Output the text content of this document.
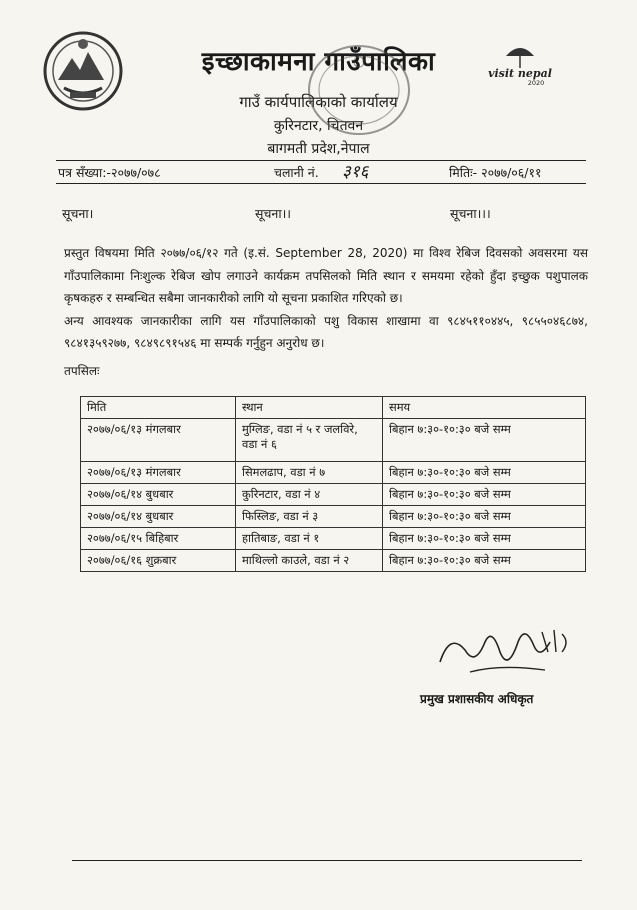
visit nepal
2020
इच्छाकामना गाउँपालिका
गाउँ कार्यपालिकाको कार्यालय
कुरिनटार, चितवन
बागमती प्रदेश,नेपाल
पत्र सँख्या:-२०७७/०७८	चलानी नं. ३१६	मितिः- २०७७/०६/११
सूचना।	सूचना।।	सूचना।।।

प्रस्तुत विषयमा मिति २०७७/०६/१२ गते (इ.सं. September 28, 2020) मा विश्व रेबिज दिवसको अवसरमा यस गाँउपालिकामा निःशुल्क रेबिज खोप लगाउने कार्यक्रम तपसिलको मिति स्थान र समयमा रहेको हुँदा इच्छुक पशुपालक कृषकहरु र सम्बन्धित सबैमा जानकारीको लागि यो सूचना प्रकाशित गरिएको छ।

अन्य आवश्यक जानकारीका लागि यस गाँउपालिकाको पशु विकास शाखामा वा ९८४५११०४४५, ९८५५०४६८७४, ९८४१३५९२७७, ९८४९८९१५४६ मा सम्पर्क गर्नुहुन अनुरोध छ।

तपसिलः
मिति	स्थान	समय
२०७७/०६/१३ मंगलबार	मुग्लिङ, वडा नं ५ र जलविरे, वडा नं ६	बिहान ७:३०-१०:३० बजे सम्म
२०७७/०६/१३ मंगलबार	सिमलढाप, वडा नं ७	बिहान ७:३०-१०:३० बजे सम्म
२०७७/०६/१४ बुधबार	कुरिनटार, वडा नं ४	बिहान ७:३०-१०:३० बजे सम्म
२०७७/०६/१४ बुधबार	फिस्लिङ, वडा नं ३	बिहान ७:३०-१०:३० बजे सम्म
२०७७/०६/१५ बिहिबार	हातिबाङ, वडा नं १	बिहान ७:३०-१०:३० बजे सम्म
२०७७/०६/१६ शुक्रबार	माथिल्लो काउले, वडा नं २	बिहान ७:३०-१०:३० बजे सम्म
प्रमुख प्रशासकीय अधिकृत
